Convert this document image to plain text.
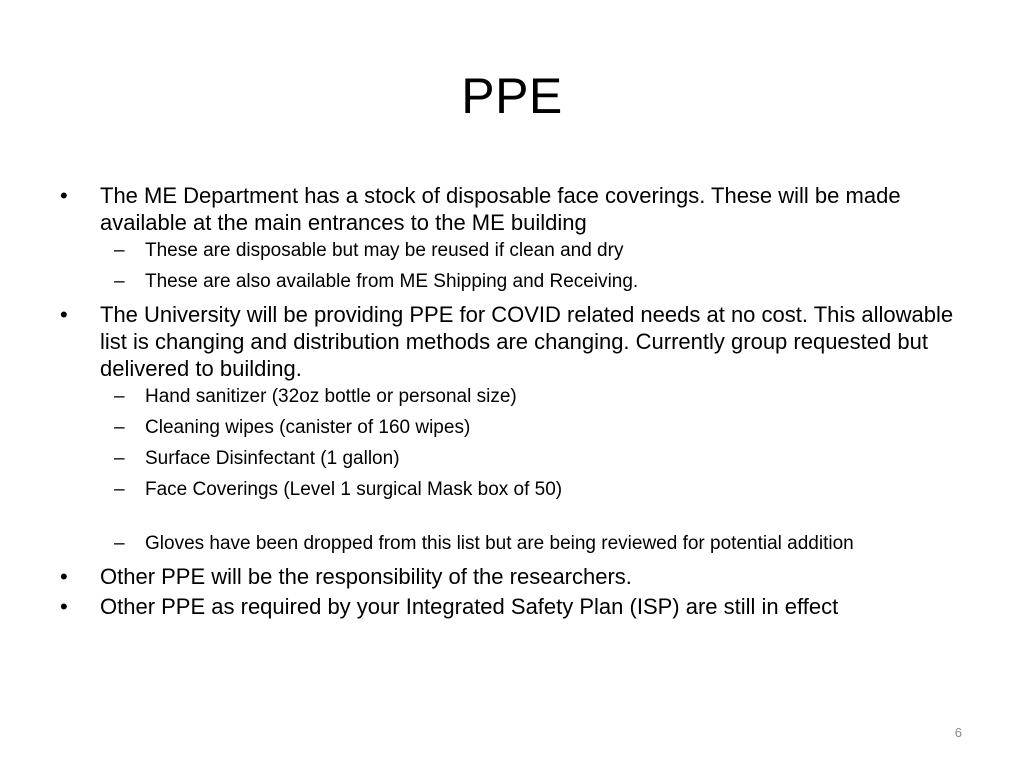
PPE
•	The ME Department has a stock of disposable face coverings. These will be made available at the main entrances to the ME building
– These are disposable but may be reused if clean and dry
– These are also available from ME Shipping and Receiving.
•	The University will be providing PPE for COVID related needs at no cost. This allowable list is changing and distribution methods are changing. Currently group requested but delivered to building.
– Hand sanitizer (32oz bottle or personal size)
– Cleaning wipes (canister of 160 wipes)
– Surface Disinfectant (1 gallon)
– Face Coverings (Level 1 surgical Mask box of 50)
– Gloves have been dropped from this list but are being reviewed for potential addition
•	Other PPE will be the responsibility of the researchers.
•	Other PPE as required by your Integrated Safety Plan (ISP) are still in effect
6
